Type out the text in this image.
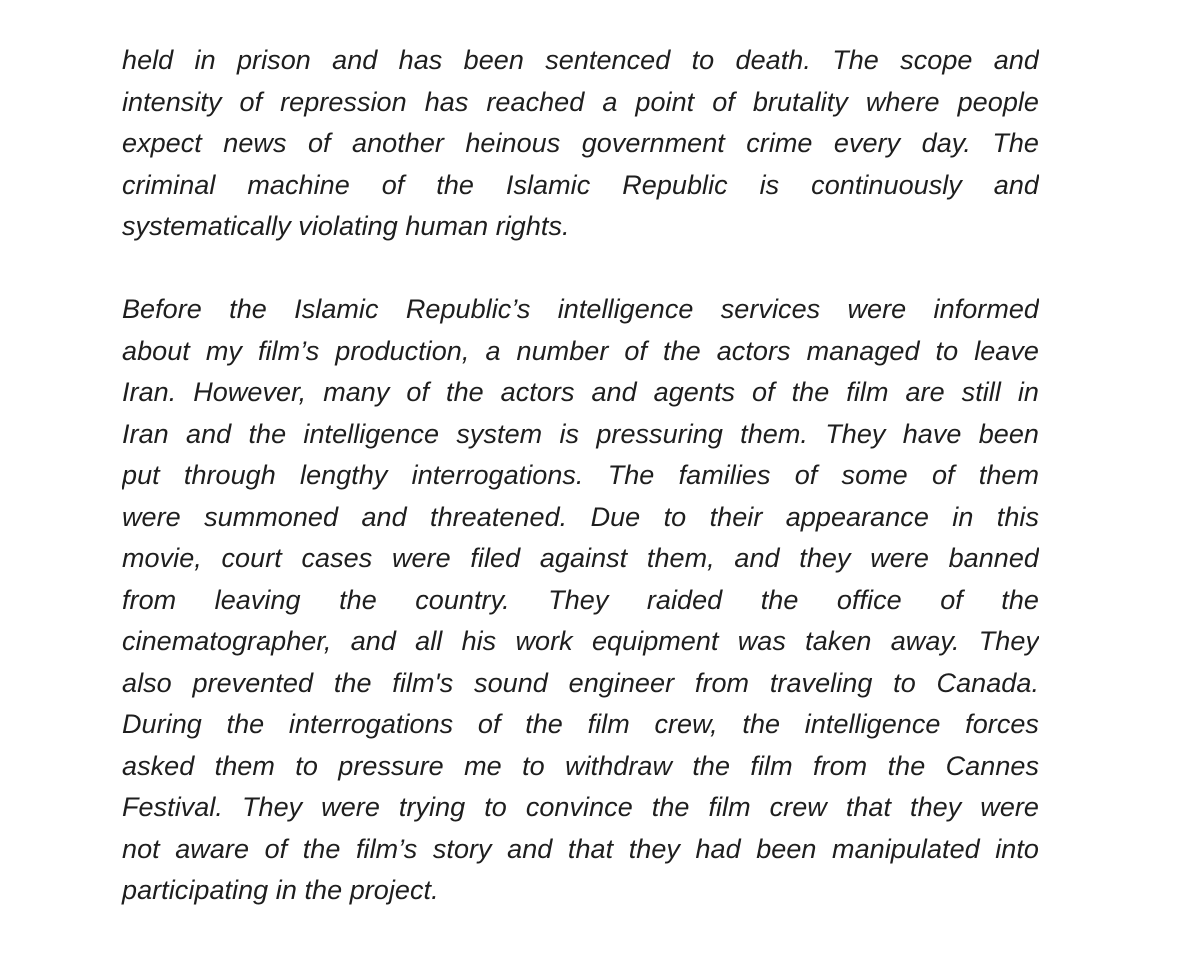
held in prison and has been sentenced to death. The scope and
intensity of repression has reached a point of brutality where people
expect news of another heinous government crime every day. The
criminal machine of the Islamic Republic is continuously and
systematically violating human rights.
Before the Islamic Republic’s intelligence services were informed
about my film’s production, a number of the actors managed to leave
Iran. However, many of the actors and agents of the film are still in
Iran and the intelligence system is pressuring them. They have been
put through lengthy interrogations. The families of some of them
were summoned and threatened. Due to their appearance in this
movie, court cases were filed against them, and they were banned
from leaving the country. They raided the office of the
cinematographer, and all his work equipment was taken away. They
also prevented the film's sound engineer from traveling to Canada.
During the interrogations of the film crew, the intelligence forces
asked them to pressure me to withdraw the film from the Cannes
Festival. They were trying to convince the film crew that they were
not aware of the film’s story and that they had been manipulated into
participating in the project.
